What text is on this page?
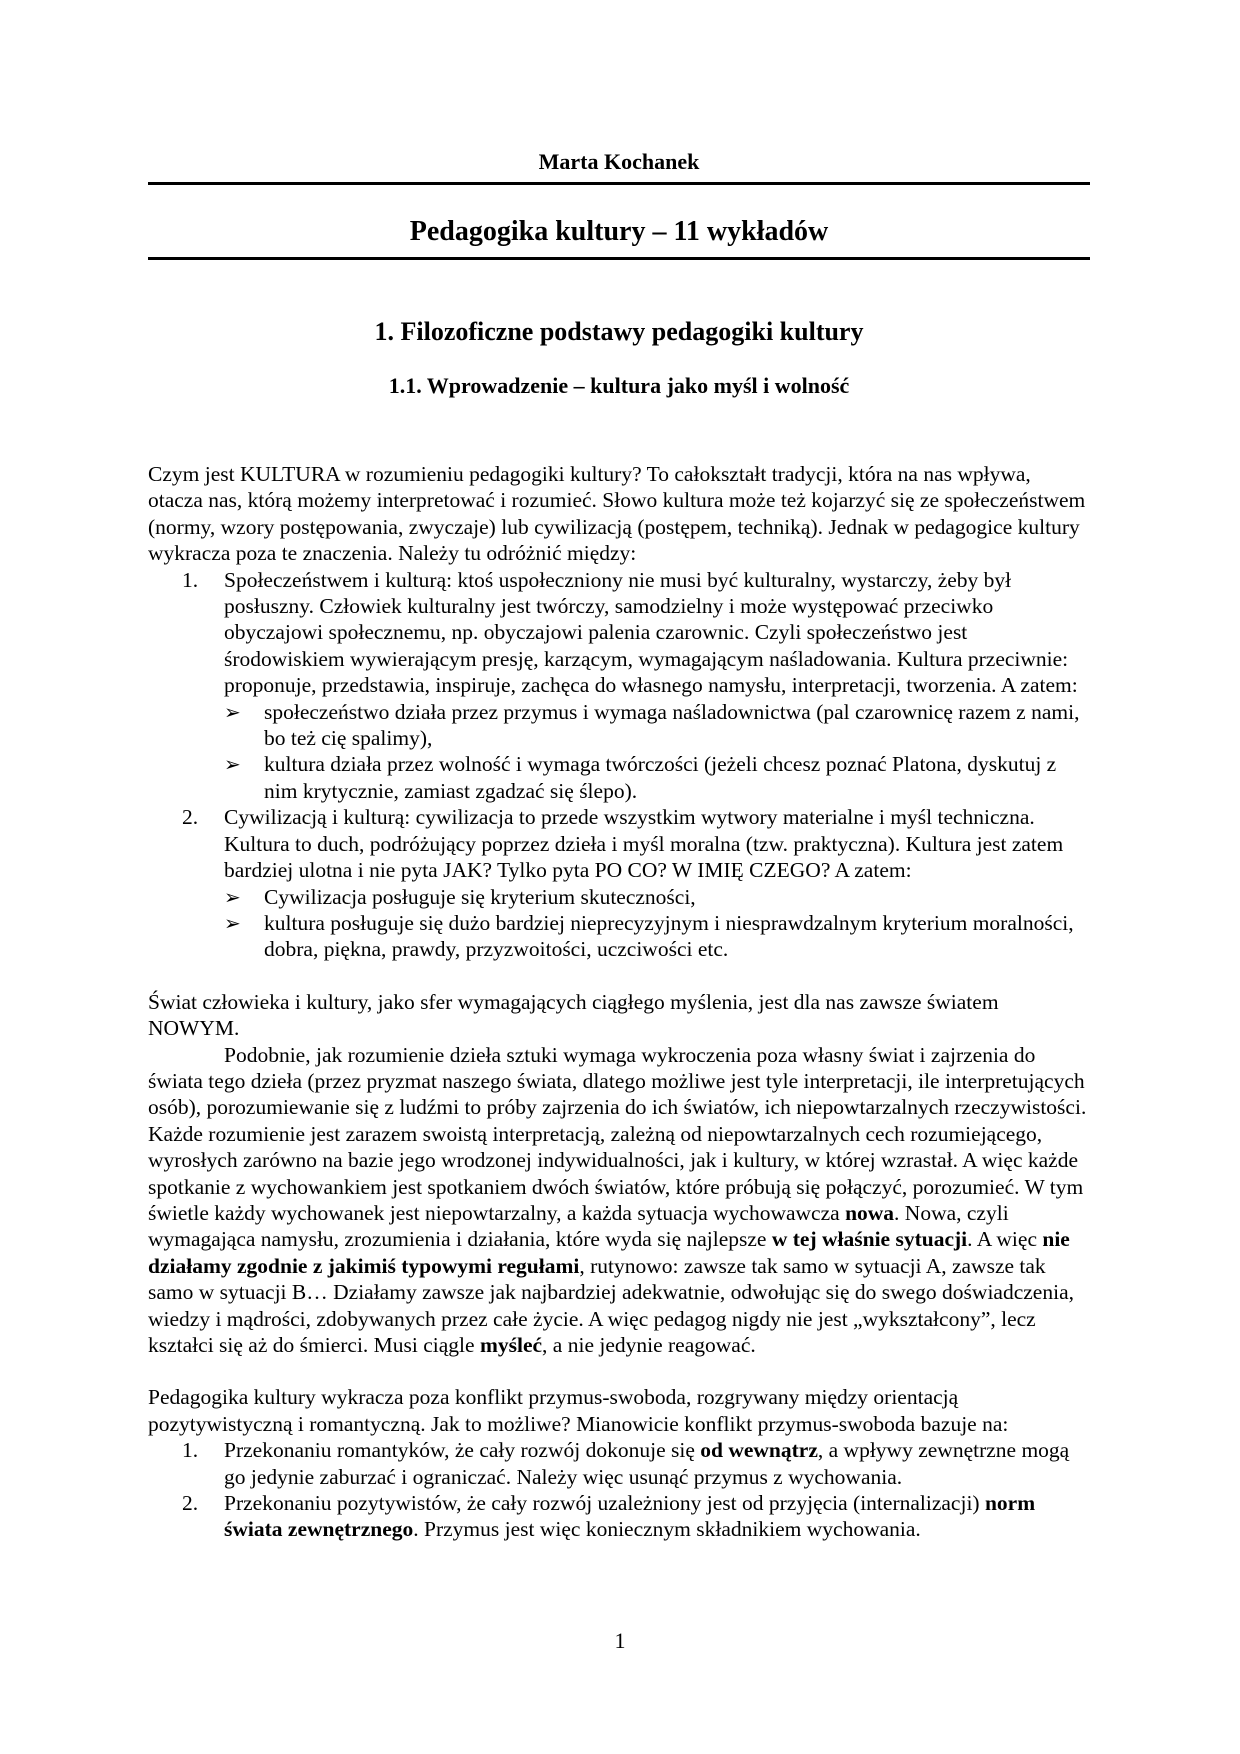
Marta Kochanek

Pedagogika kultury – 11 wykładów

1. Filozoficzne podstawy pedagogiki kultury
1.1. Wprowadzenie – kultura jako myśl i wolność

Czym jest KULTURA w rozumieniu pedagogiki kultury? To całokształt tradycji, która na nas wpływa, otacza nas, którą możemy interpretować i rozumieć. Słowo kultura może też kojarzyć się ze społeczeństwem (normy, wzory postępowania, zwyczaje) lub cywilizacją (postępem, techniką). Jednak w pedagogice kultury wykracza poza te znaczenia. Należy tu odróżnić między:

1. Społeczeństwem i kulturą: ktoś uspołeczniony nie musi być kulturalny, wystarczy, żeby był posłuszny. Człowiek kulturalny jest twórczy, samodzielny i może występować przeciwko obyczajowi społecznemu, np. obyczajowi palenia czarownic. Czyli społeczeństwo jest środowiskiem wywierającym presję, karzącym, wymagającym naśladowania. Kultura przeciwnie: proponuje, przedstawia, inspiruje, zachęca do własnego namysłu, interpretacji, tworzenia. A zatem:
➢ społeczeństwo działa przez przymus i wymaga naśladownictwa (pal czarownicę razem z nami, bo też cię spalimy),
➢ kultura działa przez wolność i wymaga twórczości (jeżeli chcesz poznać Platona, dyskutuj z nim krytycznie, zamiast zgadzać się ślepo).
2. Cywilizacją i kulturą: cywilizacja to przede wszystkim wytwory materialne i myśl techniczna. Kultura to duch, podróżujący poprzez dzieła i myśl moralna (tzw. praktyczna). Kultura jest zatem bardziej ulotna i nie pyta JAK? Tylko pyta PO CO? W IMIĘ CZEGO? A zatem:
➢ Cywilizacja posługuje się kryterium skuteczności,
➢ kultura posługuje się dużo bardziej nieprecyzyjnym i niesprawdzalnym kryterium moralności, dobra, piękna, prawdy, przyzwoitości, uczciwości etc.

Świat człowieka i kultury, jako sfer wymagających ciągłego myślenia, jest dla nas zawsze światem NOWYM.

Podobnie, jak rozumienie dzieła sztuki wymaga wykroczenia poza własny świat i zajrzenia do świata tego dzieła (przez pryzmat naszego świata, dlatego możliwe jest tyle interpretacji, ile interpretujących osób), porozumiewanie się z ludźmi to próby zajrzenia do ich światów, ich niepowtarzalnych rzeczywistości. Każde rozumienie jest zarazem swoistą interpretacją, zależną od niepowtarzalnych cech rozumiejącego, wyrosłych zarówno na bazie jego wrodzonej indywidualności, jak i kultury, w której wzrastał. A więc każde spotkanie z wychowankiem jest spotkaniem dwóch światów, które próbują się połączyć, porozumieć. W tym świetle każdy wychowanek jest niepowtarzalny, a każda sytuacja wychowawcza nowa. Nowa, czyli wymagająca namysłu, zrozumienia i działania, które wyda się najlepsze w tej właśnie sytuacji. A więc nie działamy zgodnie z jakimiś typowymi regułami, rutynowo: zawsze tak samo w sytuacji A, zawsze tak samo w sytuacji B… Działamy zawsze jak najbardziej adekwatnie, odwołując się do swego doświadczenia, wiedzy i mądrości, zdobywanych przez całe życie. A więc pedagog nigdy nie jest „wykształcony”, lecz kształci się aż do śmierci. Musi ciągle myśleć, a nie jedynie reagować.

Pedagogika kultury wykracza poza konflikt przymus-swoboda, rozgrywany między orientacją pozytywistyczną i romantyczną. Jak to możliwe? Mianowicie konflikt przymus-swoboda bazuje na:

1. Przekonaniu romantyków, że cały rozwój dokonuje się od wewnątrz, a wpływy zewnętrzne mogą go jedynie zaburzać i ograniczać. Należy więc usunąć przymus z wychowania.
2. Przekonaniu pozytywistów, że cały rozwój uzależniony jest od przyjęcia (internalizacji) norm świata zewnętrznego. Przymus jest więc koniecznym składnikiem wychowania.
1
